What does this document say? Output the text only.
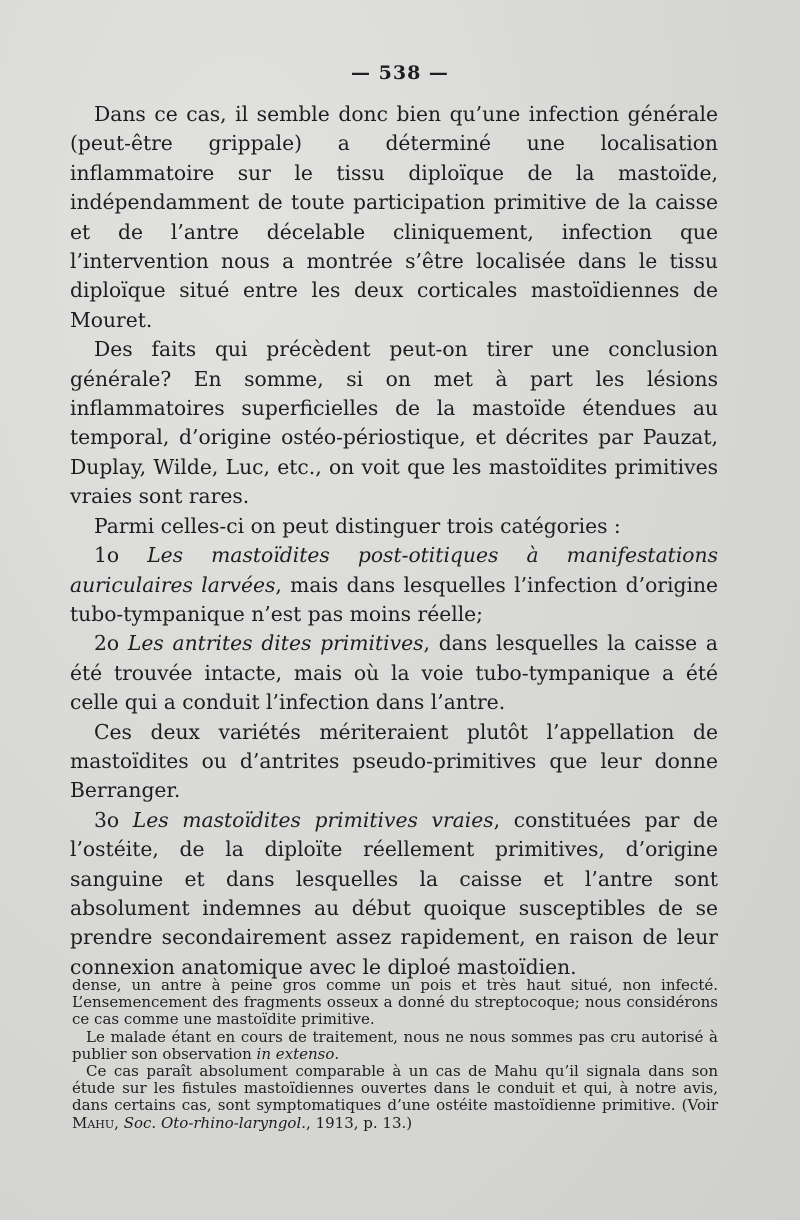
— 538 —

Dans ce cas, il semble donc bien qu’une infection générale (peut-être grippale) a déterminé une localisation inflammatoire sur le tissu diploïque de la mastoïde, indépendamment de toute participation primitive de la caisse et de l’antre décelable cliniquement, infection que l’intervention nous a montrée s’être localisée dans le tissu diploïque situé entre les deux corticales mastoïdiennes de Mouret.

Des faits qui précèdent peut-on tirer une conclusion générale? En somme, si on met à part les lésions inflammatoires superficielles de la mastoïde étendues au temporal, d’origine ostéo-périostique, et décrites par Pauzat, Duplay, Wilde, Luc, etc., on voit que les mastoïdites primitives vraies sont rares.

Parmi celles-ci on peut distinguer trois catégories :

1o Les mastoïdites post-otitiques à manifestations auriculaires larvées, mais dans lesquelles l’infection d’origine tubo-tympanique n’est pas moins réelle;

2o Les antrites dites primitives, dans lesquelles la caisse a été trouvée intacte, mais où la voie tubo-tympanique a été celle qui a conduit l’infection dans l’antre.

Ces deux variétés mériteraient plutôt l’appellation de mastoïdites ou d’antrites pseudo-primitives que leur donne Berranger.

3o Les mastoïdites primitives vraies, constituées par de l’ostéite, de la diploïte réellement primitives, d’origine sanguine et dans lesquelles la caisse et l’antre sont absolument indemnes au début quoique susceptibles de se prendre secondairement assez rapidement, en raison de leur connexion anatomique avec le diploé mastoïdien.

dense, un antre à peine gros comme un pois et très haut situé, non infecté. L’ensemencement des fragments osseux a donné du streptocoque; nous considérons ce cas comme une mastoïdite primitive.

Le malade étant en cours de traitement, nous ne nous sommes pas cru autorisé à publier son observation in extenso.

Ce cas paraît absolument comparable à un cas de Mahu qu’il signala dans son étude sur les fistules mastoïdiennes ouvertes dans le conduit et qui, à notre avis, dans certains cas, sont symptomatiques d’une ostéite mastoïdienne primitive. (Voir Mahu, Soc. Oto-rhino-laryngol., 1913, p. 13.)
